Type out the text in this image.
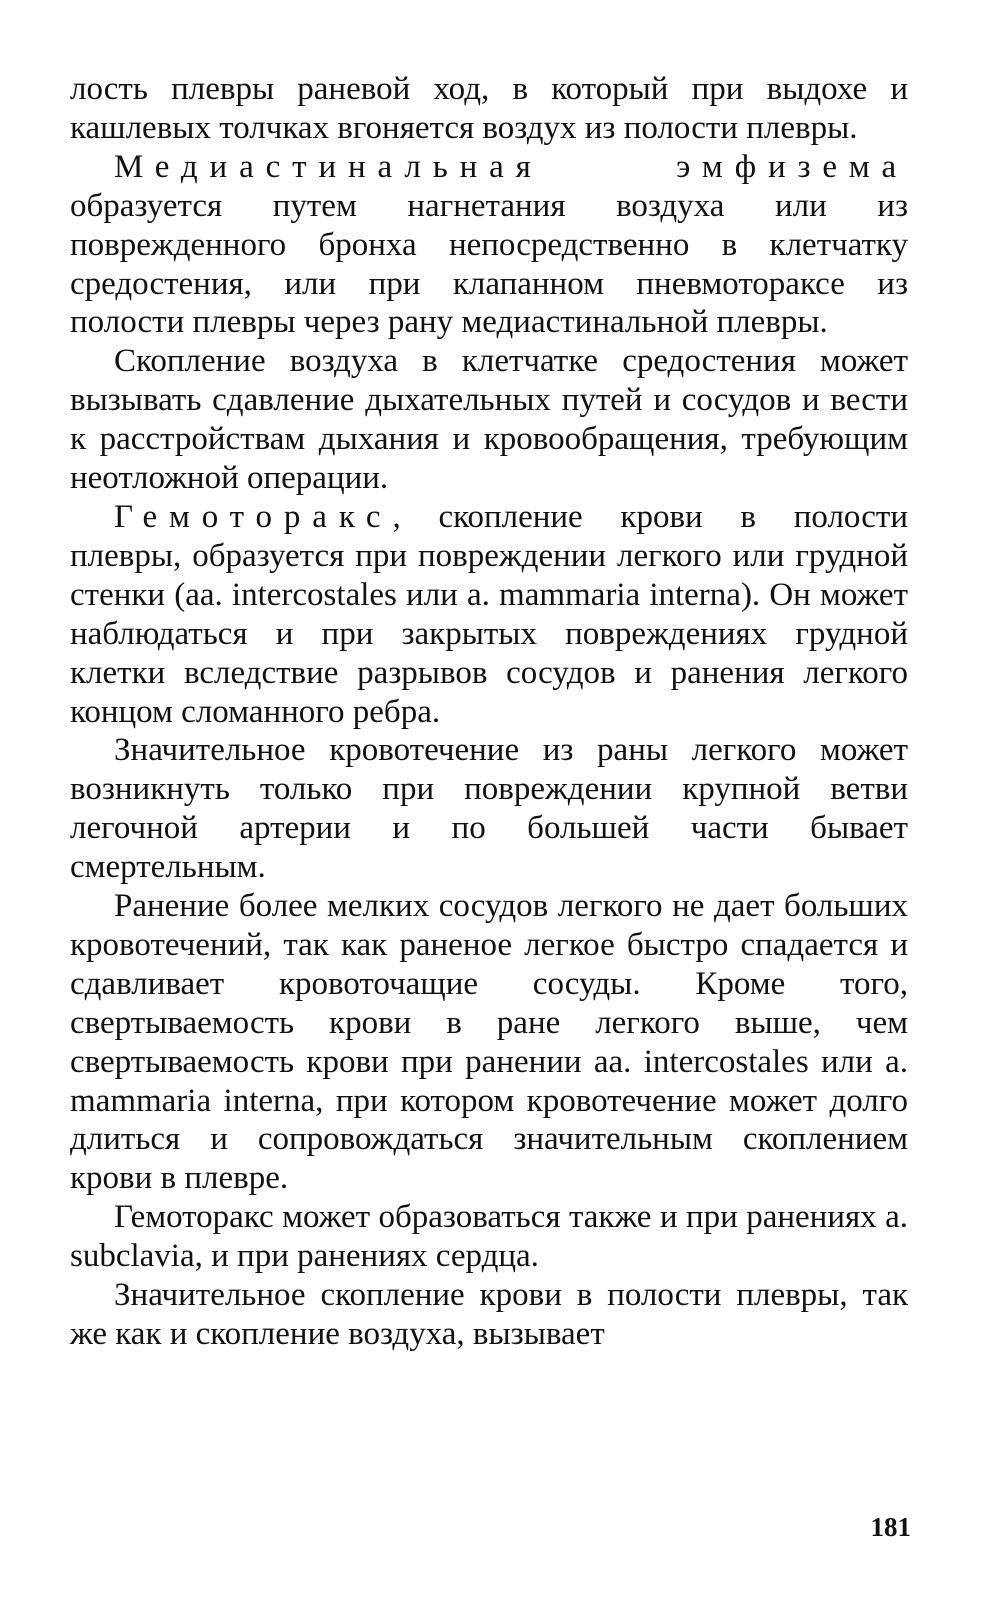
лость плевры раневой ход, в который при выдохе и кашлевых толчках вгоняется воздух из полости плевры.

Медиастинальная эмфизема образуется путем нагнетания воздуха или из поврежденного бронха непосредственно в клетчатку средостения, или при клапанном пневмотораксе из полости плевры через рану медиастинальной плевры.

Скопление воздуха в клетчатке средостения может вызывать сдавление дыхательных путей и сосудов и вести к расстройствам дыхания и кровообращения, требующим неотложной операции.

Гемоторакс, скопление крови в полости плевры, образуется при повреждении легкого или грудной стенки (аа. intercostales или а. mammaria interna). Он может наблюдаться и при закрытых повреждениях грудной клетки вследствие разрывов сосудов и ранения легкого концом сломанного ребра.

Значительное кровотечение из раны легкого может возникнуть только при повреждении крупной ветви легочной артерии и по большей части бывает смертельным.

Ранение более мелких сосудов легкого не дает больших кровотечений, так как раненое легкое быстро спадается и сдавливает кровоточащие сосуды. Кроме того, свертываемость крови в ране легкого выше, чем свертываемость крови при ранении аа. intercostales или а. mammaria interna, при котором кровотечение может долго длиться и сопровождаться значительным скоплением крови в плевре.

Гемоторакс может образоваться также и при ранениях а. subclavia, и при ранениях сердца.

Значительное скопление крови в полости плевры, так же как и скопление воздуха, вызывает

181
